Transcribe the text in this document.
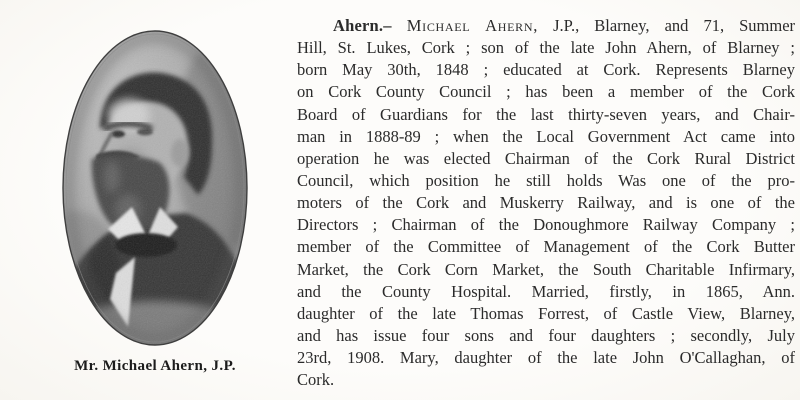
Mr. Michael Ahern, J.P.
Ahern.– Michael Ahern, J.P., Blarney, and 71, Summer
Hill, St. Lukes, Cork ; son of the late John Ahern, of Blarney ;
born May 30th, 1848 ; educated at Cork. Represents Blarney
on Cork County Council ; has been a member of the Cork
Board of Guardians for the last thirty-seven years, and Chair-
man in 1888-89 ; when the Local Government Act came into
operation he was elected Chairman of the Cork Rural District
Council, which position he still holds Was one of the pro-
moters of the Cork and Muskerry Railway, and is one of the
Directors ; Chairman of the Donoughmore Railway Company ;
member of the Committee of Management of the Cork Butter
Market, the Cork Corn Market, the South Charitable Infirmary,
and the County Hospital. Married, firstly, in 1865, Ann.
daughter of the late Thomas Forrest, of Castle View, Blarney,
and has issue four sons and four daughters ; secondly, July
23rd, 1908. Mary, daughter of the late John O'Callaghan, of
Cork.
